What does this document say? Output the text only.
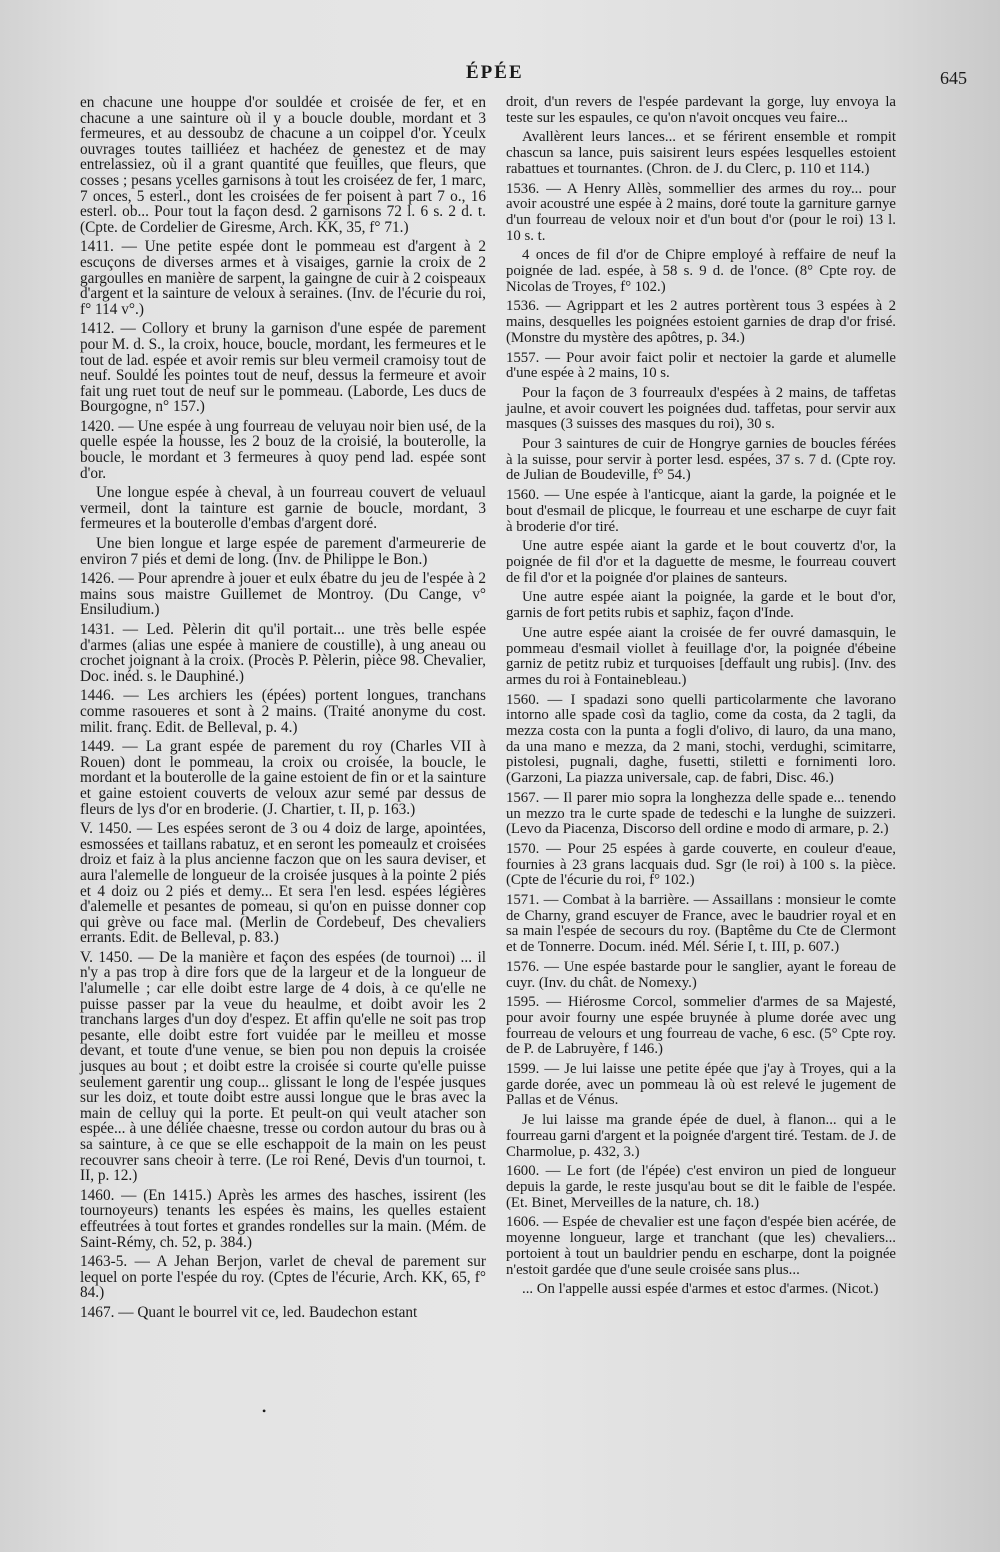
ÉPÉE	645

en chacune une houppe d'or souldée et croisée de fer, et en chacune a une sainture où il y a boucle double, mordant et 3 fermeures, et au dessoubz de chacune a un coippel d'or. Yceulx ouvrages toutes tailliéez et hachéez de genestez et de may entrelassiez, où il a grant quantité que feuilles, que fleurs, que cosses ; pesans ycelles garnisons à tout les croiséez de fer, 1 marc, 7 onces, 5 esterl., dont les croisées de fer poisent à part 7 o., 16 esterl. ob... Pour tout la façon desd. 2 garnisons 72 l. 6 s. 2 d. t. (Cpte. de Cordelier de Giresme, Arch. KK, 35, f° 71.)

1411. — Une petite espée dont le pommeau est d'argent à 2 escuçons de diverses armes et à visaiges, garnie la croix de 2 gargoulles en manière de sarpent, la gaingne de cuir à 2 coispeaux d'argent et la sainture de veloux à seraines. (Inv. de l'écurie du roi, f° 114 v°.)

1412. — Collory et bruny la garnison d'une espée de parement pour M. d. S., la croix, houce, boucle, mordant, les fermeures et le tout de lad. espée et avoir remis sur bleu vermeil cramoisy tout de neuf. Souldé les pointes tout de neuf, dessus la fermeure et avoir fait ung ruet tout de neuf sur le pommeau. (Laborde, Les ducs de Bourgogne, n° 157.)

1420. — Une espée à ung fourreau de veluyau noir bien usé, de la quelle espée la housse, les 2 bouz de la croisié, la bouterolle, la boucle, le mordant et 3 fermeures à quoy pend lad. espée sont d'or.

Une longue espée à cheval, à un fourreau couvert de veluaul vermeil, dont la tainture est garnie de boucle, mordant, 3 fermeures et la bouterolle d'embas d'argent doré.

Une bien longue et large espée de parement d'armeurerie de environ 7 piés et demi de long. (Inv. de Philippe le Bon.)

1426. — Pour aprendre à jouer et eulx ébatre du jeu de l'espée à 2 mains sous maistre Guillemet de Montroy. (Du Cange, v° Ensiludium.)

1431. — Led. Pèlerin dit qu'il portait... une très belle espée d'armes (alias une espée à maniere de coustille), à ung aneau ou crochet joignant à la croix. (Procès P. Pèlerin, pièce 98. Chevalier, Doc. inéd. s. le Dauphiné.)

1446. — Les archiers les (épées) portent longues, tranchans comme rasoueres et sont à 2 mains. (Traité anonyme du cost. milit. franç. Edit. de Belleval, p. 4.)

1449. — La grant espée de parement du roy (Charles VII à Rouen) dont le pommeau, la croix ou croisée, la boucle, le mordant et la bouterolle de la gaine estoient de fin or et la sainture et gaine estoient couverts de veloux azur semé par dessus de fleurs de lys d'or en broderie. (J. Chartier, t. II, p. 163.)

V. 1450. — Les espées seront de 3 ou 4 doiz de large, apointées, esmossées et taillans rabatuz, et en seront les pomeaulz et croisées droiz et faiz à la plus ancienne faczon que on les saura deviser, et aura l'alemelle de longueur de la croisée jusques à la pointe 2 piés et 4 doiz ou 2 piés et demy... Et sera l'en lesd. espées légières d'alemelle et pesantes de pomeau, si qu'on en puisse donner cop qui grève ou face mal. (Merlin de Cordebeuf, Des chevaliers errants. Edit. de Belleval, p. 83.)

V. 1450. — De la manière et façon des espées (de tournoi) ... il n'y a pas trop à dire fors que de la largeur et de la longueur de l'alumelle ; car elle doibt estre large de 4 dois, à ce qu'elle ne puisse passer par la veue du heaulme, et doibt avoir les 2 tranchans larges d'un doy d'espez. Et affin qu'elle ne soit pas trop pesante, elle doibt estre fort vuidée par le meilleu et mosse devant, et toute d'une venue, se bien pou non depuis la croisée jusques au bout ; et doibt estre la croisée si courte qu'elle puisse seulement garentir ung coup... glissant le long de l'espée jusques sur les doiz, et toute doibt estre aussi longue que le bras avec la main de celluy qui la porte. Et peult-on qui veult atacher son espée... à une déliée chaesne, tresse ou cordon autour du bras ou à sa sainture, à ce que se elle eschappoit de la main on les peust recouvrer sans cheoir à terre. (Le roi René, Devis d'un tournoi, t. II, p. 12.)

1460. — (En 1415.) Après les armes des hasches, issirent (les tournoyeurs) tenants les espées ès mains, les quelles estaient effeutrées à tout fortes et grandes rondelles sur la main. (Mém. de Saint-Rémy, ch. 52, p. 384.)

1463-5. — A Jehan Berjon, varlet de cheval de parement sur lequel on porte l'espée du roy. (Cptes de l'écurie, Arch. KK, 65, f° 84.)

1467. — Quant le bourrel vit ce, led. Baudechon estant

droit, d'un revers de l'espée pardevant la gorge, luy envoya la teste sur les espaules, ce qu'on n'avoit oncques veu faire...

Avallèrent leurs lances... et se férirent ensemble et rompit chascun sa lance, puis saisirent leurs espées lesquelles estoient rabattues et tournantes. (Chron. de J. du Clerc, p. 110 et 114.)

1536. — A Henry Allès, sommellier des armes du roy... pour avoir acoustré une espée à 2 mains, doré toute la garniture garnye d'un fourreau de veloux noir et d'un bout d'or (pour le roi) 13 l. 10 s. t.

4 onces de fil d'or de Chipre employé à reffaire de neuf la poignée de lad. espée, à 58 s. 9 d. de l'once. (8° Cpte roy. de Nicolas de Troyes, f° 102.)

1536. — Agrippart et les 2 autres portèrent tous 3 espées à 2 mains, desquelles les poignées estoient garnies de drap d'or frisé. (Monstre du mystère des apôtres, p. 34.)

1557. — Pour avoir faict polir et nectoier la garde et alumelle d'une espée à 2 mains, 10 s.

Pour la façon de 3 fourreaulx d'espées à 2 mains, de taffetas jaulne, et avoir couvert les poignées dud. taffetas, pour servir aux masques (3 suisses des masques du roi), 30 s.

Pour 3 saintures de cuir de Hongrye garnies de boucles férées à la suisse, pour servir à porter lesd. espées, 37 s. 7 d. (Cpte roy. de Julian de Boudeville, f° 54.)

1560. — Une espée à l'anticque, aiant la garde, la poignée et le bout d'esmail de plicque, le fourreau et une escharpe de cuyr fait à broderie d'or tiré.

Une autre espée aiant la garde et le bout couvertz d'or, la poignée de fil d'or et la daguette de mesme, le fourreau couvert de fil d'or et la poignée d'or plaines de santeurs.

Une autre espée aiant la poignée, la garde et le bout d'or, garnis de fort petits rubis et saphiz, façon d'Inde.

Une autre espée aiant la croisée de fer ouvré damasquin, le pommeau d'esmail viollet à feuillage d'or, la poignée d'ébeine garniz de petitz rubiz et turquoises [deffault ung rubis]. (Inv. des armes du roi à Fontainebleau.)

1560. — I spadazi sono quelli particolarmente che lavorano intorno alle spade così da taglio, come da costa, da 2 tagli, da mezza costa con la punta a fogli d'olivo, di lauro, da una mano, da una mano e mezza, da 2 mani, stochi, verdughi, scimitarre, pistolesi, pugnali, daghe, fusetti, stiletti e fornimenti loro. (Garzoni, La piazza universale, cap. de fabri, Disc. 46.)

1567. — Il parer mio sopra la longhezza delle spade e... tenendo un mezzo tra le curte spade de tedeschi e la lunghe de suizzeri. (Levo da Piacenza, Discorso dell ordine e modo di armare, p. 2.)

1570. — Pour 25 espées à garde couverte, en couleur d'eaue, fournies à 23 grans lacquais dud. Sgr (le roi) à 100 s. la pièce. (Cpte de l'écurie du roi, f° 102.)

1571. — Combat à la barrière. — Assaillans : monsieur le comte de Charny, grand escuyer de France, avec le baudrier royal et en sa main l'espée de secours du roy. (Baptême du Cte de Clermont et de Tonnerre. Docum. inéd. Mél. Série I, t. III, p. 607.)

1576. — Une espée bastarde pour le sanglier, ayant le foreau de cuyr. (Inv. du chât. de Nomexy.)

1595. — Hiérosme Corcol, sommelier d'armes de sa Majesté, pour avoir fourny une espée bruynée à plume dorée avec ung fourreau de velours et ung fourreau de vache, 6 esc. (5° Cpte roy. de P. de Labruyère, f 146.)

1599. — Je lui laisse une petite épée que j'ay à Troyes, qui a la garde dorée, avec un pommeau là où est relevé le jugement de Pallas et de Vénus.

Je lui laisse ma grande épée de duel, à flanon... qui a le fourreau garni d'argent et la poignée d'argent tiré. Testam. de J. de Charmolue, p. 432, 3.)

1600. — Le fort (de l'épée) c'est environ un pied de longueur depuis la garde, le reste jusqu'au bout se dit le faible de l'espée. (Et. Binet, Merveilles de la nature, ch. 18.)

1606. — Espée de chevalier est une façon d'espée bien acérée, de moyenne longueur, large et tranchant (que les) chevaliers... portoient à tout un bauldrier pendu en escharpe, dont la poignée n'estoit gardée que d'une seule croisée sans plus...

... On l'appelle aussi espée d'armes et estoc d'armes. (Nicot.)

•
